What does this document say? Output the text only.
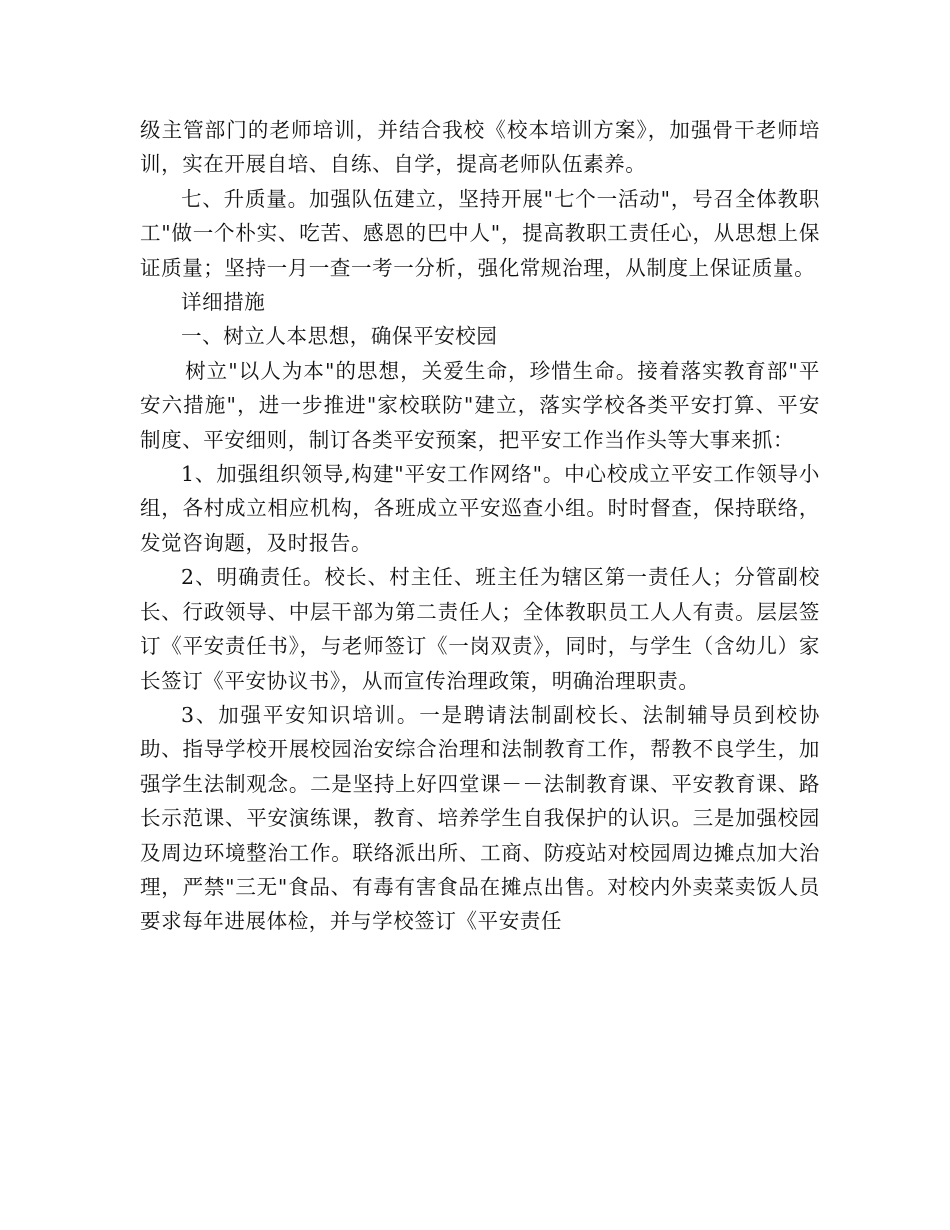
级主管部门的老师培训，并结合我校《校本培训方案》，加强骨干老师培训，实在开展自培、自练、自学，提高老师队伍素养。

七、升质量。加强队伍建立，坚持开展"七个一活动"，号召全体教职工"做一个朴实、吃苦、感恩的巴中人"，提高教职工责任心，从思想上保证质量；坚持一月一查一考一分析，强化常规治理，从制度上保证质量。

详细措施

一、树立人本思想，确保平安校园

树立"以人为本"的思想，关爱生命，珍惜生命。接着落实教育部"平安六措施"，进一步推进"家校联防"建立，落实学校各类平安打算、平安制度、平安细则，制订各类平安预案，把平安工作当作头等大事来抓：

1、加强组织领导,构建"平安工作网络"。中心校成立平安工作领导小组，各村成立相应机构，各班成立平安巡查小组。时时督查，保持联络，发觉咨询题，及时报告。

2、明确责任。校长、村主任、班主任为辖区第一责任人；分管副校长、行政领导、中层干部为第二责任人；全体教职员工人人有责。层层签订《平安责任书》，与老师签订《一岗双责》，同时，与学生（含幼儿）家长签订《平安协议书》，从而宣传治理政策，明确治理职责。

3、加强平安知识培训。一是聘请法制副校长、法制辅导员到校协助、指导学校开展校园治安综合治理和法制教育工作，帮教不良学生，加强学生法制观念。二是坚持上好四堂课－－法制教育课、平安教育课、路长示范课、平安演练课，教育、培养学生自我保护的认识。三是加强校园及周边环境整治工作。联络派出所、工商、防疫站对校园周边摊点加大治理，严禁"三无"食品、有毒有害食品在摊点出售。对校内外卖菜卖饭人员要求每年进展体检，并与学校签订《平安责任
